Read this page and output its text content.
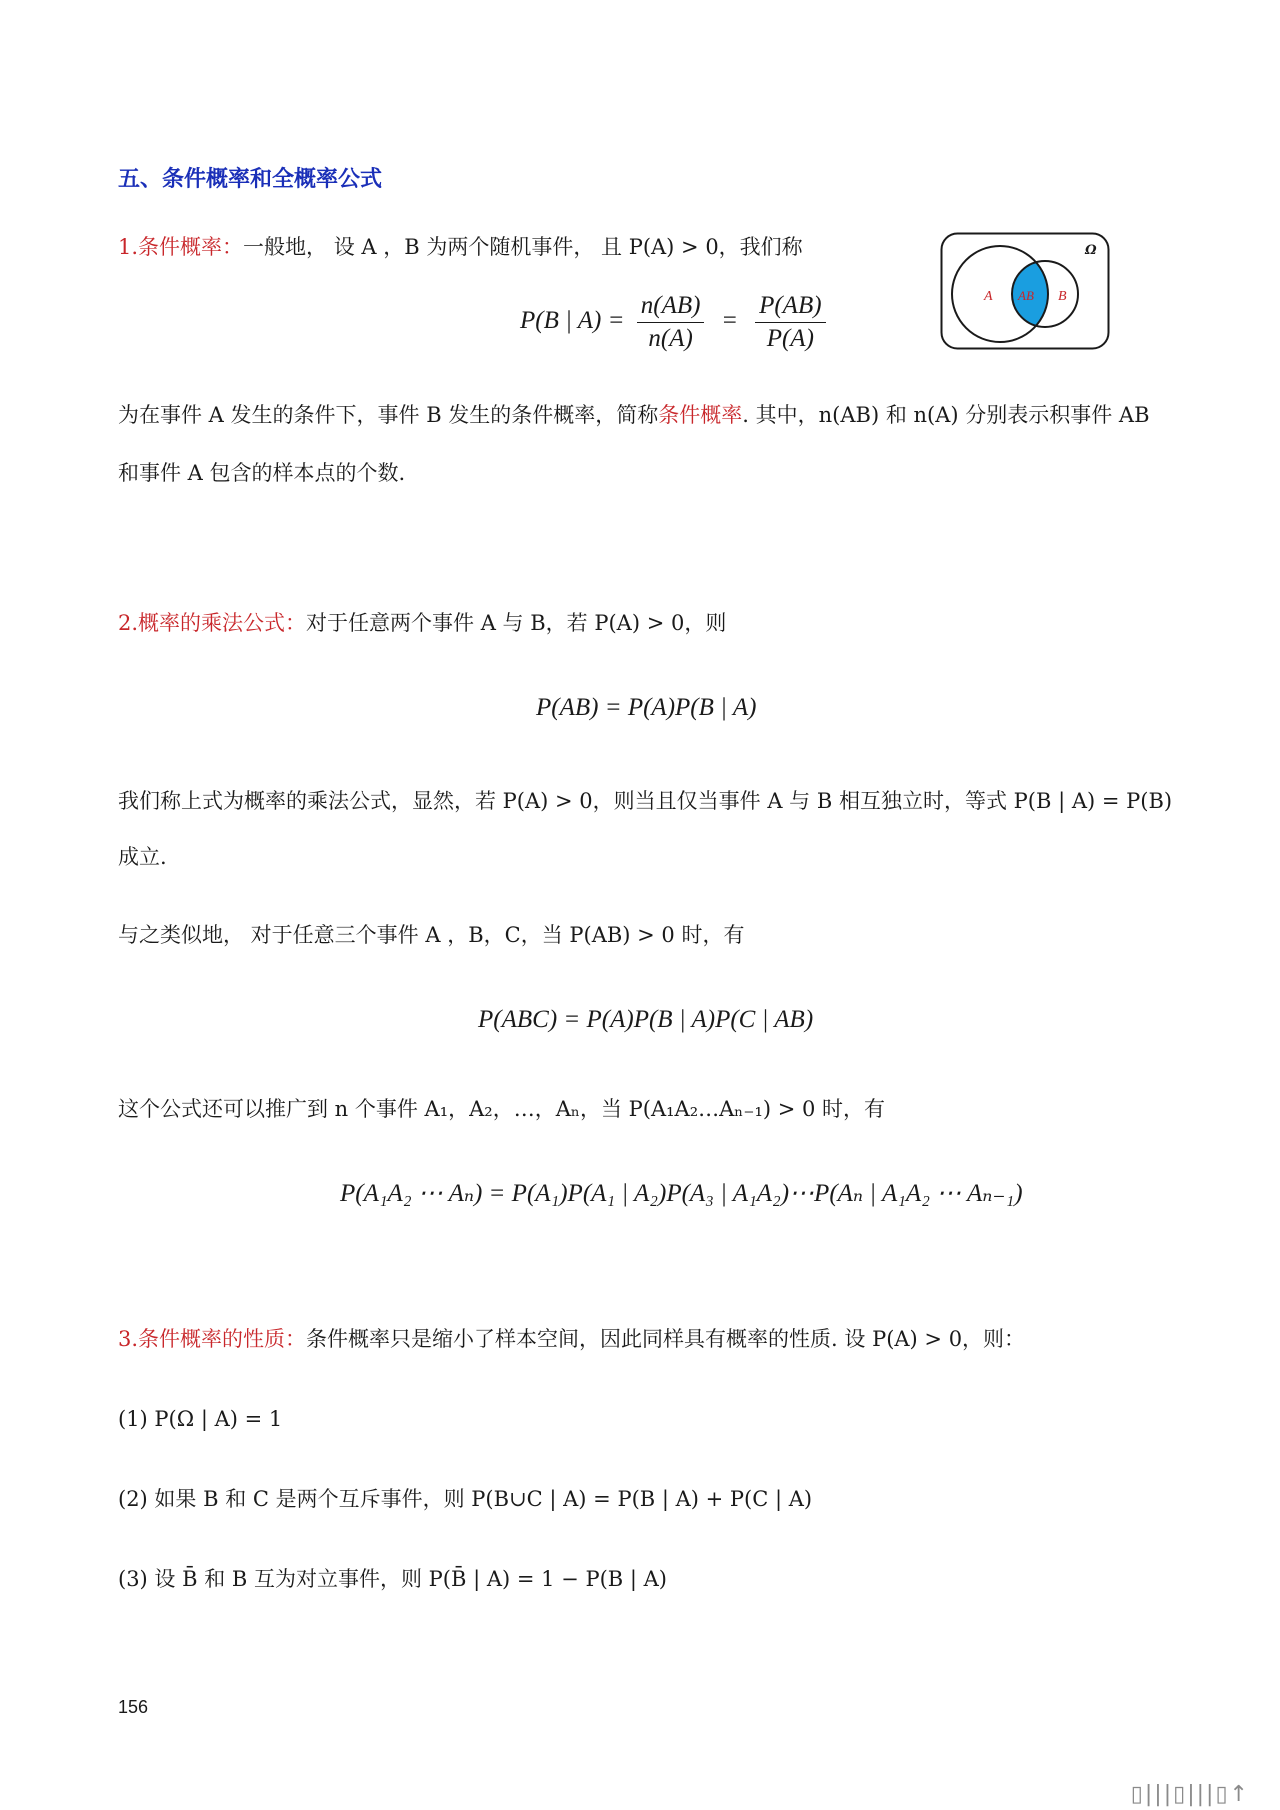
五、条件概率和全概率公式
1.条件概率：一般地， 设 A ，B 为两个随机事件， 且 P(A) > 0，我们称
P(B | $A) = \frac{n(AB)}{n(A)} = \frac{P(AB)}{P(A)}$
Ω
A AB B
为在事件 A 发生的条件下，事件 B 发生的条件概率，简称条件概率. 其中，n(AB) 和 n(A) 分别表示积事件 AB
和事件 A 包含的样本点的个数.
2.概率的乘法公式：对于任意两个事件 A 与 B，若 P(A) > 0，则
P(AB) = P(A)P(B | A)
我们称上式为概率的乘法公式，显然，若 P(A) > 0，则当且仅当事件 A 与 B 相互独立时，等式 P(B | A) = P(B)
成立.
与之类似地， 对于任意三个事件 A ，B，C，当 P(AB) > 0 时，有
P(ABC) = P(A)P(B | A)P(C | AB)
这个公式还可以推广到 n 个事件 A₁，A₂，…，Aₙ，当 P(A₁A₂…Aₙ₋₁) > 0 时，有
P(A₁A₂ ⋯ Aₙ) = P(A₁)P(A₁ | A₂)P(A₃ | A₁A₂)⋯P(Aₙ | A₁A₂ ⋯ Aₙ₋₁)
3.条件概率的性质：条件概率只是缩小了样本空间，因此同样具有概率的性质. 设 P(A) > 0，则：
(1) P(Ω | A) = 1
(2) 如果 B 和 C 是两个互斥事件，则 P(B∪C | A) = P(B | A) + P(C | A)
(3) 设 B̄ 和 B 互为对立事件，则 P(B̄ | A) = 1 − P(B | A)
156
▯|||▯|||▯↑
